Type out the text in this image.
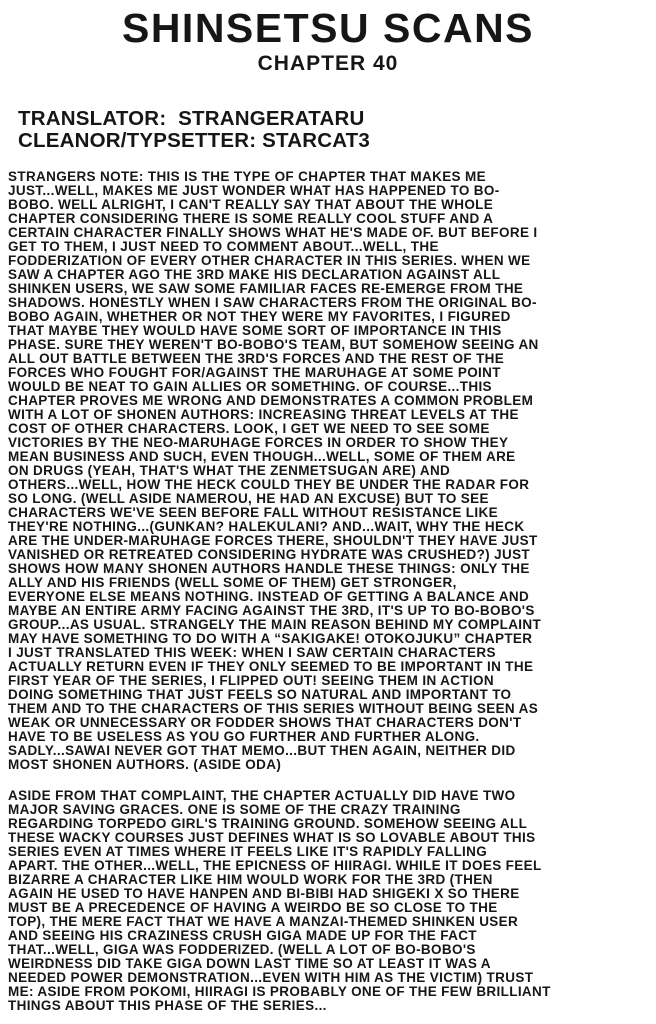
SHINSETSU SCANS
CHAPTER 40
TRANSLATOR:  STRANGERATARU
CLEANOR/TYPSETTER: STARCAT3
STRANGERS NOTE: THIS IS THE TYPE OF CHAPTER THAT MAKES ME
JUST...WELL, MAKES ME JUST WONDER WHAT HAS HAPPENED TO BO-
BOBO. WELL ALRIGHT, I CAN'T REALLY SAY THAT ABOUT THE WHOLE
CHAPTER CONSIDERING THERE IS SOME REALLY COOL STUFF AND A
CERTAIN CHARACTER FINALLY SHOWS WHAT HE'S MADE OF. BUT BEFORE I
GET TO THEM, I JUST NEED TO COMMENT ABOUT...WELL, THE
FODDERIZATION OF EVERY OTHER CHARACTER IN THIS SERIES. WHEN WE
SAW A CHAPTER AGO THE 3RD MAKE HIS DECLARATION AGAINST ALL
SHINKEN USERS, WE SAW SOME FAMILIAR FACES RE-EMERGE FROM THE
SHADOWS. HONESTLY WHEN I SAW CHARACTERS FROM THE ORIGINAL BO-
BOBO AGAIN, WHETHER OR NOT THEY WERE MY FAVORITES, I FIGURED
THAT MAYBE THEY WOULD HAVE SOME SORT OF IMPORTANCE IN THIS
PHASE. SURE THEY WEREN'T BO-BOBO'S TEAM, BUT SOMEHOW SEEING AN
ALL OUT BATTLE BETWEEN THE 3RD'S FORCES AND THE REST OF THE
FORCES WHO FOUGHT FOR/AGAINST THE MARUHAGE AT SOME POINT
WOULD BE NEAT TO GAIN ALLIES OR SOMETHING. OF COURSE...THIS
CHAPTER PROVES ME WRONG AND DEMONSTRATES A COMMON PROBLEM
WITH A LOT OF SHONEN AUTHORS: INCREASING THREAT LEVELS AT THE
COST OF OTHER CHARACTERS. LOOK, I GET WE NEED TO SEE SOME
VICTORIES BY THE NEO-MARUHAGE FORCES IN ORDER TO SHOW THEY
MEAN BUSINESS AND SUCH, EVEN THOUGH...WELL, SOME OF THEM ARE
ON DRUGS (YEAH, THAT'S WHAT THE ZENMETSUGAN ARE) AND
OTHERS...WELL, HOW THE HECK COULD THEY BE UNDER THE RADAR FOR
SO LONG. (WELL ASIDE NAMEROU, HE HAD AN EXCUSE) BUT TO SEE
CHARACTERS WE'VE SEEN BEFORE FALL WITHOUT RESISTANCE LIKE
THEY'RE NOTHING...(GUNKAN? HALEKULANI? AND...WAIT, WHY THE HECK
ARE THE UNDER-MARUHAGE FORCES THERE, SHOULDN'T THEY HAVE JUST
VANISHED OR RETREATED CONSIDERING HYDRATE WAS CRUSHED?) JUST
SHOWS HOW MANY SHONEN AUTHORS HANDLE THESE THINGS: ONLY THE
ALLY AND HIS FRIENDS (WELL SOME OF THEM) GET STRONGER,
EVERYONE ELSE MEANS NOTHING. INSTEAD OF GETTING A BALANCE AND
MAYBE AN ENTIRE ARMY FACING AGAINST THE 3RD, IT'S UP TO BO-BOBO'S
GROUP...AS USUAL. STRANGELY THE MAIN REASON BEHIND MY COMPLAINT
MAY HAVE SOMETHING TO DO WITH A “SAKIGAKE! OTOKOJUKU” CHAPTER
I JUST TRANSLATED THIS WEEK: WHEN I SAW CERTAIN CHARACTERS
ACTUALLY RETURN EVEN IF THEY ONLY SEEMED TO BE IMPORTANT IN THE
FIRST YEAR OF THE SERIES, I FLIPPED OUT! SEEING THEM IN ACTION
DOING SOMETHING THAT JUST FEELS SO NATURAL AND IMPORTANT TO
THEM AND TO THE CHARACTERS OF THIS SERIES WITHOUT BEING SEEN AS
WEAK OR UNNECESSARY OR FODDER SHOWS THAT CHARACTERS DON'T
HAVE TO BE USELESS AS YOU GO FURTHER AND FURTHER ALONG.
SADLY...SAWAI NEVER GOT THAT MEMO...BUT THEN AGAIN, NEITHER DID
MOST SHONEN AUTHORS. (ASIDE ODA)
ASIDE FROM THAT COMPLAINT, THE CHAPTER ACTUALLY DID HAVE TWO
MAJOR SAVING GRACES. ONE IS SOME OF THE CRAZY TRAINING
REGARDING TORPEDO GIRL'S TRAINING GROUND. SOMEHOW SEEING ALL
THESE WACKY COURSES JUST DEFINES WHAT IS SO LOVABLE ABOUT THIS
SERIES EVEN AT TIMES WHERE IT FEELS LIKE IT'S RAPIDLY FALLING
APART. THE OTHER...WELL, THE EPICNESS OF HIIRAGI. WHILE IT DOES FEEL
BIZARRE A CHARACTER LIKE HIM WOULD WORK FOR THE 3RD (THEN
AGAIN HE USED TO HAVE HANPEN AND BI-BIBI HAD SHIGEKI X SO THERE
MUST BE A PRECEDENCE OF HAVING A WEIRDO BE SO CLOSE TO THE
TOP), THE MERE FACT THAT WE HAVE A MANZAI-THEMED SHINKEN USER
AND SEEING HIS CRAZINESS CRUSH GIGA MADE UP FOR THE FACT
THAT...WELL, GIGA WAS FODDERIZED. (WELL A LOT OF BO-BOBO'S
WEIRDNESS DID TAKE GIGA DOWN LAST TIME SO AT LEAST IT WAS A
NEEDED POWER DEMONSTRATION...EVEN WITH HIM AS THE VICTIM) TRUST
ME: ASIDE FROM POKOMI, HIIRAGI IS PROBABLY ONE OF THE FEW BRILLIANT
THINGS ABOUT THIS PHASE OF THE SERIES...
